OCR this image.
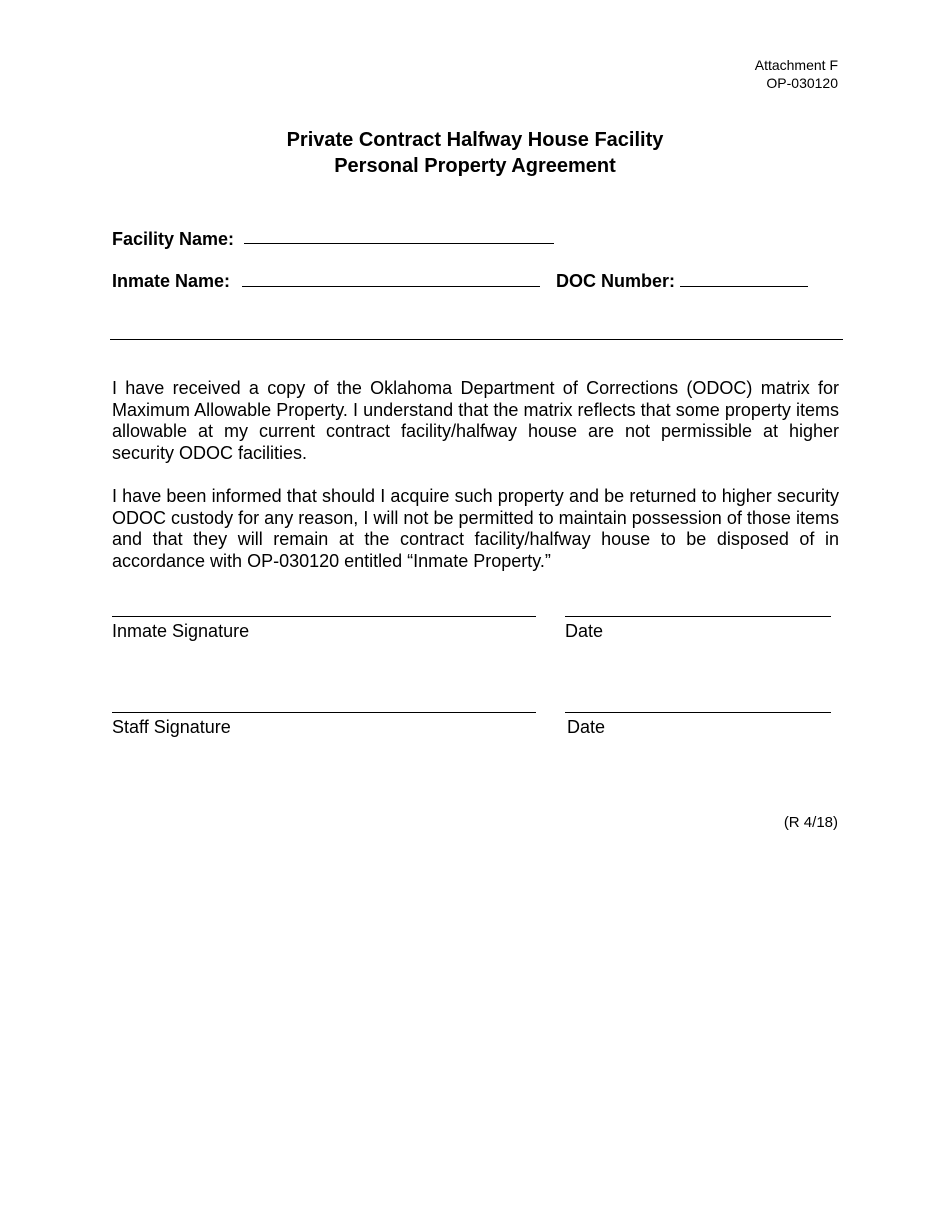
Attachment F
OP-030120
Private Contract Halfway House Facility
Personal Property Agreement
Facility Name:
Inmate Name:	DOC Number:
I have received a copy of the Oklahoma Department of Corrections (ODOC) matrix for Maximum Allowable Property. I understand that the matrix reflects that some property items allowable at my current contract facility/halfway house are not permissible at higher security ODOC facilities.
I have been informed that should I acquire such property and be returned to higher security ODOC custody for any reason, I will not be permitted to maintain possession of those items and that they will remain at the contract facility/halfway house to be disposed of in accordance with OP-030120 entitled “Inmate Property.”
Inmate Signature	Date
Staff Signature	Date
(R 4/18)
